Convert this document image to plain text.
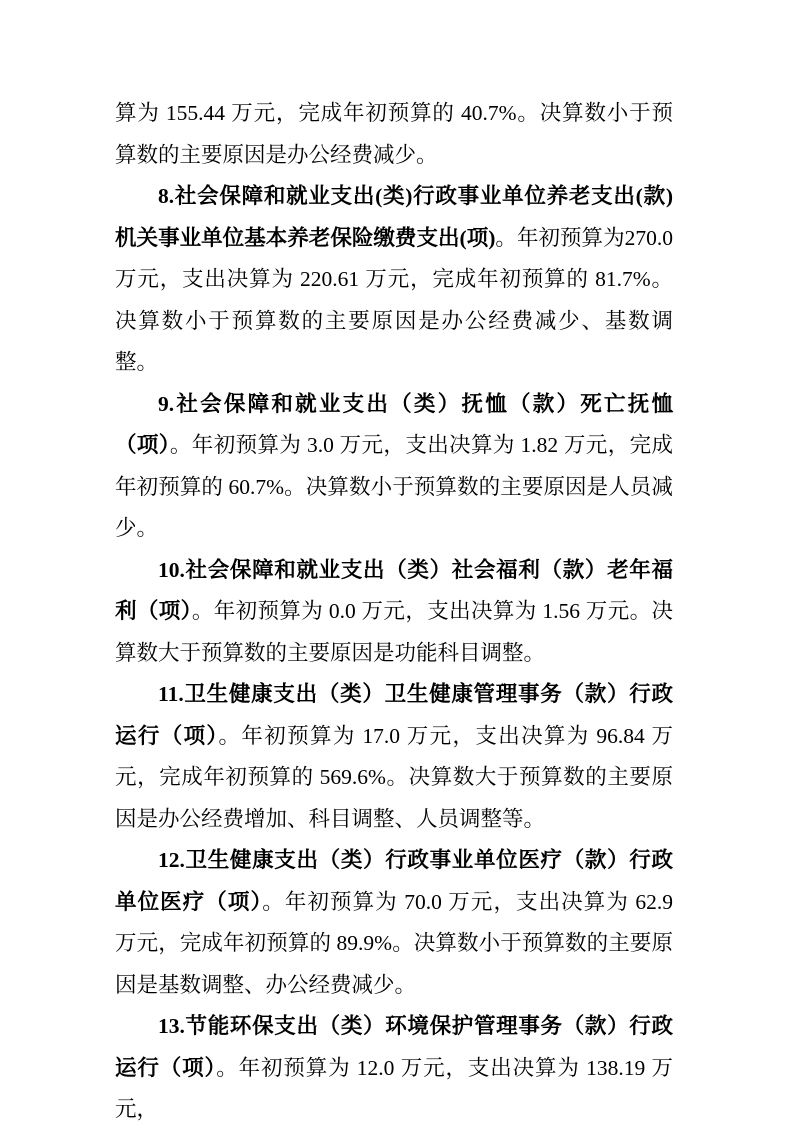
算为 155.44 万元，完成年初预算的 40.7%。决算数小于预算数的主要原因是办公经费减少。

8.社会保障和就业支出(类)行政事业单位养老支出(款)机关事业单位基本养老保险缴费支出(项)。年初预算为270.0 万元，支出决算为 220.61 万元，完成年初预算的 81.7%。决算数小于预算数的主要原因是办公经费减少、基数调整。

9.社会保障和就业支出（类）抚恤（款）死亡抚恤（项）。年初预算为 3.0 万元，支出决算为 1.82 万元，完成年初预算的 60.7%。决算数小于预算数的主要原因是人员减少。

10.社会保障和就业支出（类）社会福利（款）老年福利（项）。年初预算为 0.0 万元，支出决算为 1.56 万元。决算数大于预算数的主要原因是功能科目调整。

11.卫生健康支出（类）卫生健康管理事务（款）行政运行（项）。年初预算为 17.0 万元，支出决算为 96.84 万元，完成年初预算的 569.6%。决算数大于预算数的主要原因是办公经费增加、科目调整、人员调整等。

12.卫生健康支出（类）行政事业单位医疗（款）行政单位医疗（项）。年初预算为 70.0 万元，支出决算为 62.9 万元，完成年初预算的 89.9%。决算数小于预算数的主要原因是基数调整、办公经费减少。

13.节能环保支出（类）环境保护管理事务（款）行政运行（项）。年初预算为 12.0 万元，支出决算为 138.19 万元，
